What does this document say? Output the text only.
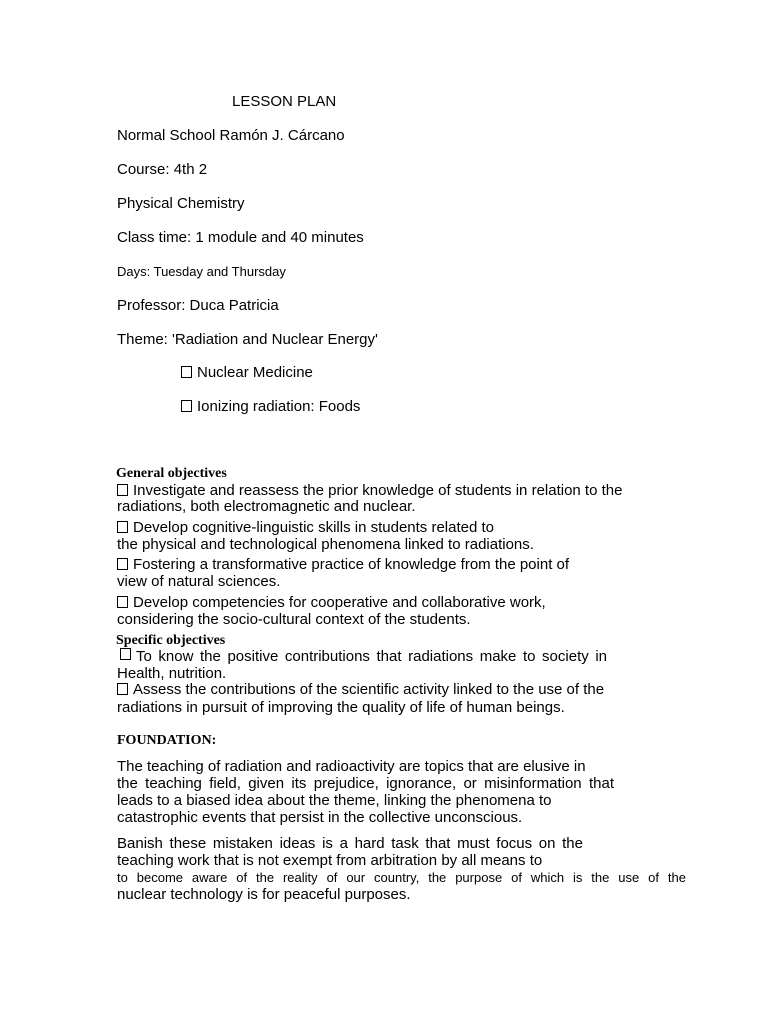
LESSON PLAN
Normal School Ramón J. Cárcano
Course: 4th 2
Physical Chemistry
Class time: 1 module and 40 minutes
Days: Tuesday and Thursday
Professor: Duca Patricia
Theme: 'Radiation and Nuclear Energy'
Nuclear Medicine
Ionizing radiation: Foods
General objectives
Investigate and reassess the prior knowledge of students in relation to the
radiations, both electromagnetic and nuclear.
Develop cognitive-linguistic skills in students related to
the physical and technological phenomena linked to radiations.
Fostering a transformative practice of knowledge from the point of
view of natural sciences.
Develop competencies for cooperative and collaborative work,
considering the socio-cultural context of the students.
Specific objectives
To know the positive contributions that radiations make to society in
Health, nutrition.
Assess the contributions of the scientific activity linked to the use of the
radiations in pursuit of improving the quality of life of human beings.
FOUNDATION:
The teaching of radiation and radioactivity are topics that are elusive in
the teaching field, given its prejudice, ignorance, or misinformation that
leads to a biased idea about the theme, linking the phenomena to
catastrophic events that persist in the collective unconscious.
Banish these mistaken ideas is a hard task that must focus on the
teaching work that is not exempt from arbitration by all means to
to become aware of the reality of our country, the purpose of which is the use of the
nuclear technology is for peaceful purposes.
